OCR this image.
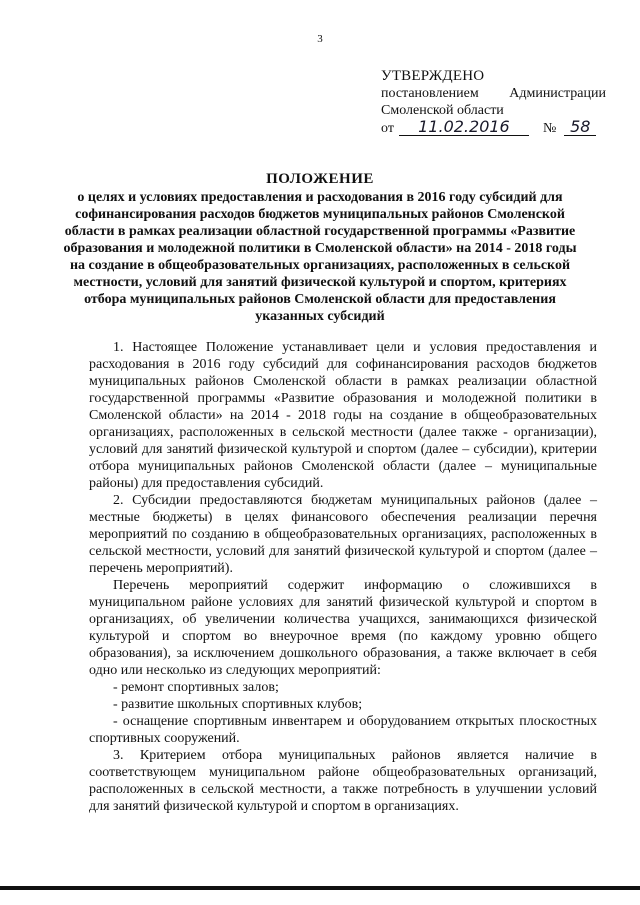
3
УТВЕРЖДЕНО
постановлением Администрации
Смоленской области
от	11.02.2016	№ 58
ПОЛОЖЕНИЕ
о целях и условиях предоставления и расходования в 2016 году субсидий для софинансирования расходов бюджетов муниципальных районов Смоленской области в рамках реализации областной государственной программы «Развитие образования и молодежной политики в Смоленской области» на 2014 - 2018 годы на создание в общеобразовательных организациях, расположенных в сельской местности, условий для занятий физической культурой и спортом, критериях отбора муниципальных районов Смоленской области для предоставления указанных субсидий

1. Настоящее Положение устанавливает цели и условия предоставления и расходования в 2016 году субсидий для софинансирования расходов бюджетов муниципальных районов Смоленской области в рамках реализации областной государственной программы «Развитие образования и молодежной политики в Смоленской области» на 2014 - 2018 годы на создание в общеобразовательных организациях, расположенных в сельской местности (далее также - организации), условий для занятий физической культурой и спортом (далее – субсидии), критерии отбора муниципальных районов Смоленской области (далее – муниципальные районы) для предоставления субсидий.

2. Субсидии предоставляются бюджетам муниципальных районов (далее – местные бюджеты) в целях финансового обеспечения реализации перечня мероприятий по созданию в общеобразовательных организациях, расположенных в сельской местности, условий для занятий физической культурой и спортом (далее – перечень мероприятий).

Перечень мероприятий содержит информацию о сложившихся в муниципальном районе условиях для занятий физической культурой и спортом в организациях, об увеличении количества учащихся, занимающихся физической культурой и спортом во внеурочное время (по каждому уровню общего образования), за исключением дошкольного образования, а также включает в себя одно или несколько из следующих мероприятий:

- ремонт спортивных залов;

- развитие школьных спортивных клубов;

- оснащение спортивным инвентарем и оборудованием открытых плоскостных спортивных сооружений.

3. Критерием отбора муниципальных районов является наличие в соответствующем муниципальном районе общеобразовательных организаций, расположенных в сельской местности, а также потребность в улучшении условий для занятий физической культурой и спортом в организациях.
